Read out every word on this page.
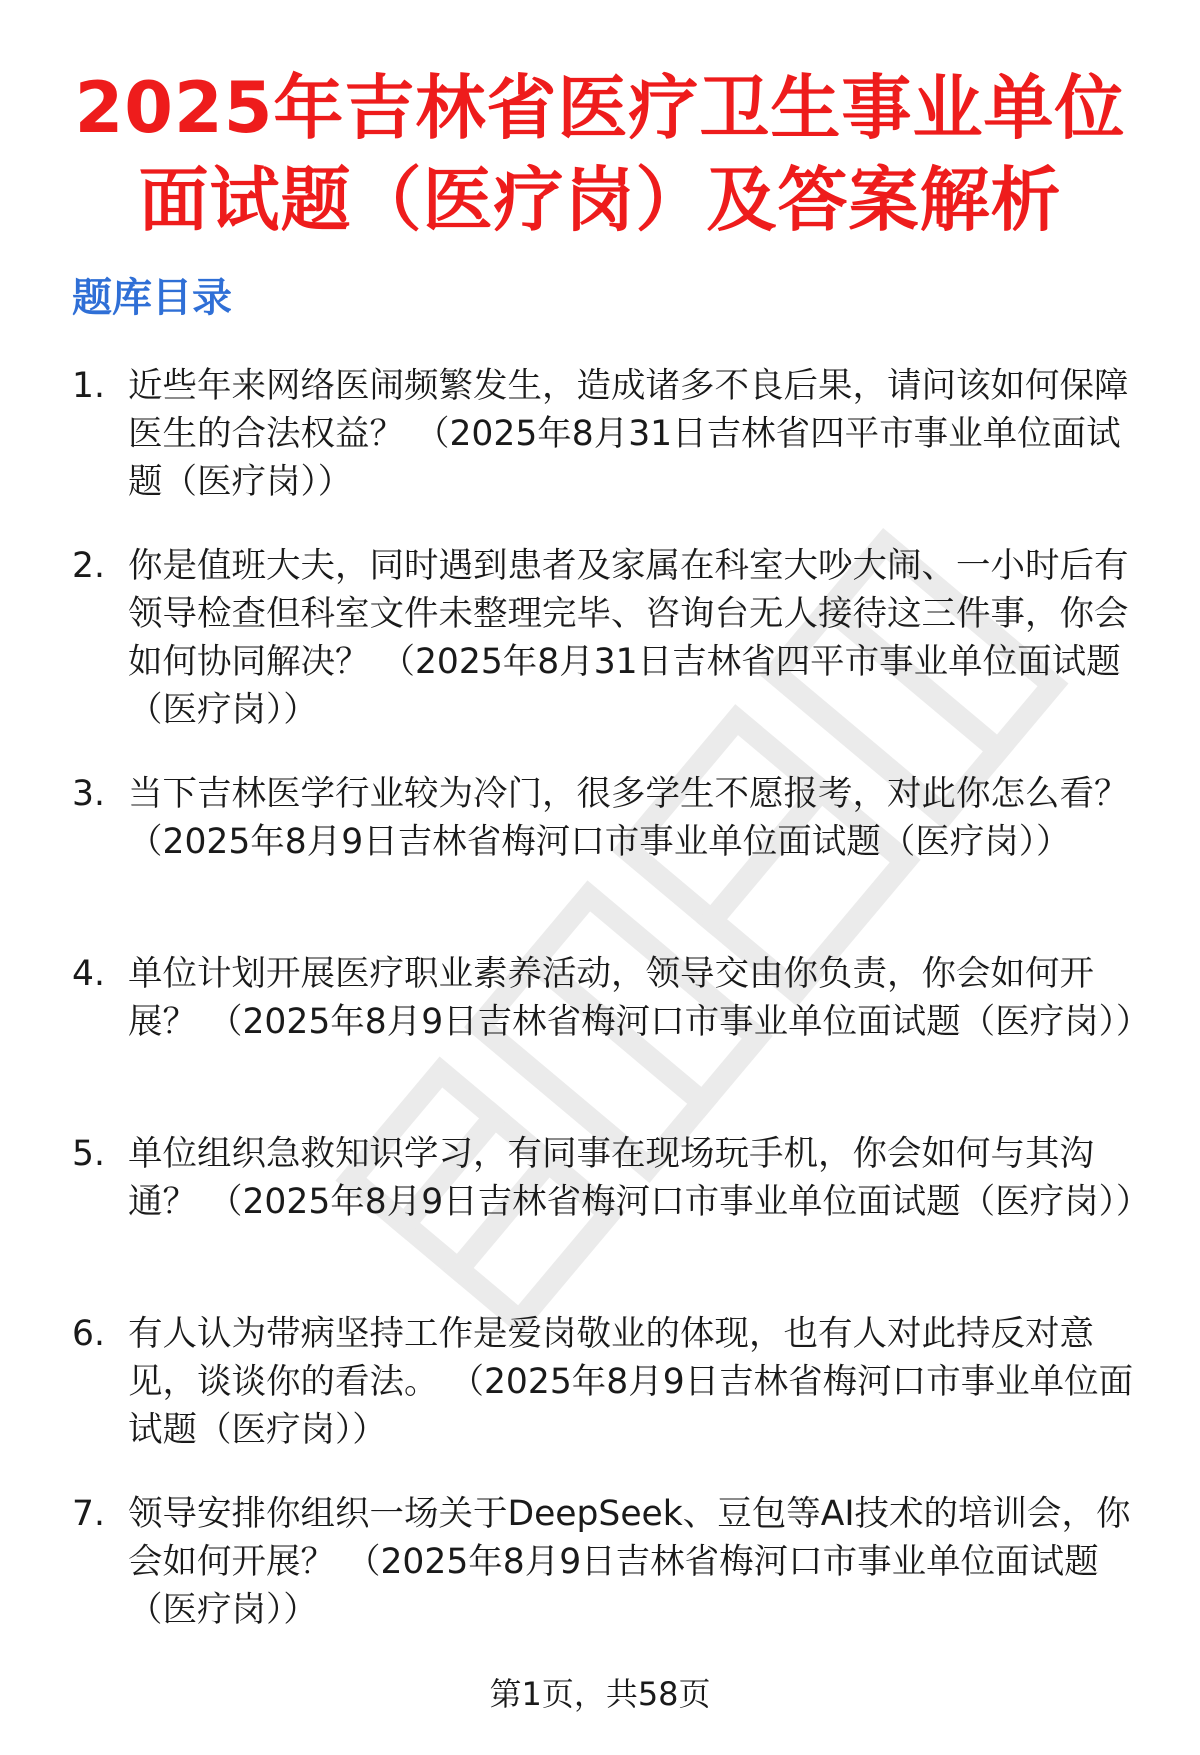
2025年吉林省医疗卫生事业单位面试题（医疗岗）及答案解析
题库目录
1. 近些年来网络医闹频繁发生，造成诸多不良后果，请问该如何保障医生的合法权益？ （2025年8月31日吉林省四平市事业单位面试题（医疗岗））
2. 你是值班大夫，同时遇到患者及家属在科室大吵大闹、一小时后有领导检查但科室文件未整理完毕、咨询台无人接待这三件事，你会如何协同解决？ （2025年8月31日吉林省四平市事业单位面试题（医疗岗））
3. 当下吉林医学行业较为冷门，很多学生不愿报考，对此你怎么看？ （2025年8月9日吉林省梅河口市事业单位面试题（医疗岗））
4. 单位计划开展医疗职业素养活动，领导交由你负责，你会如何开展？ （2025年8月9日吉林省梅河口市事业单位面试题（医疗岗））
5. 单位组织急救知识学习，有同事在现场玩手机，你会如何与其沟通？ （2025年8月9日吉林省梅河口市事业单位面试题（医疗岗））
6. 有人认为带病坚持工作是爱岗敬业的体现，也有人对此持反对意见，谈谈你的看法。 （2025年8月9日吉林省梅河口市事业单位面试题（医疗岗））
7. 领导安排你组织一场关于DeepSeek、豆包等AI技术的培训会，你会如何开展？ （2025年8月9日吉林省梅河口市事业单位面试题（医疗岗））
第1页，共58页
